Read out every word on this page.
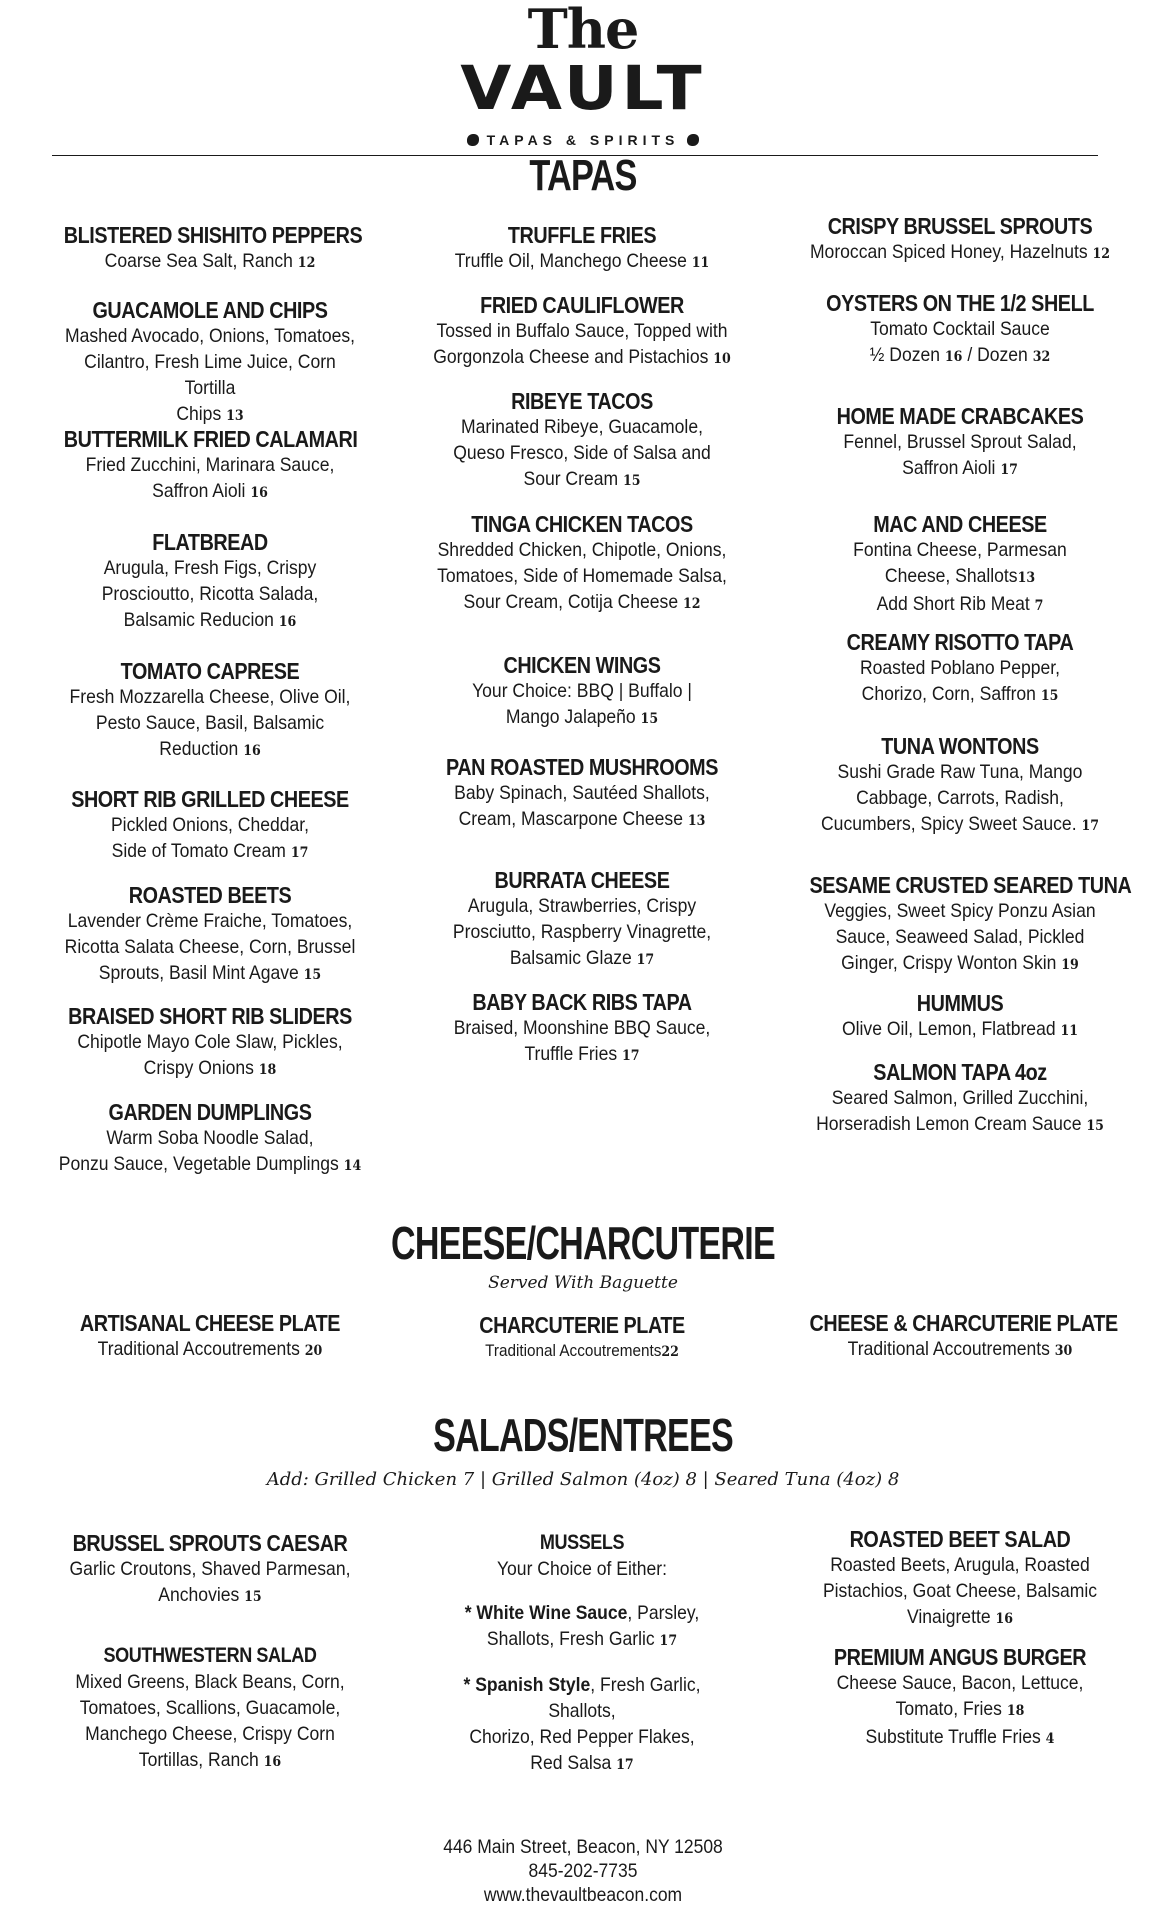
The
VAULT
TAPAS & SPIRITS
TAPAS
BLISTERED SHISHITO PEPPERS
Coarse Sea Salt, Ranch 12
GUACAMOLE AND CHIPS
Mashed Avocado, Onions, Tomatoes,
Cilantro, Fresh Lime Juice, Corn Tortilla
Chips 13
BUTTERMILK FRIED CALAMARI
Fried Zucchini, Marinara Sauce,
Saffron Aioli 16
FLATBREAD
Arugula, Fresh Figs, Crispy
Proscioutto, Ricotta Salada,
Balsamic Reducion 16
TOMATO CAPRESE
Fresh Mozzarella Cheese, Olive Oil,
Pesto Sauce, Basil, Balsamic
Reduction 16
SHORT RIB GRILLED CHEESE
Pickled Onions, Cheddar,
Side of Tomato Cream 17
ROASTED BEETS
Lavender Crème Fraiche, Tomatoes,
Ricotta Salata Cheese, Corn, Brussel
Sprouts, Basil Mint Agave 15
BRAISED SHORT RIB SLIDERS
Chipotle Mayo Cole Slaw, Pickles,
Crispy Onions 18
GARDEN DUMPLINGS
Warm Soba Noodle Salad,
Ponzu Sauce, Vegetable Dumplings 14
TRUFFLE FRIES
Truffle Oil, Manchego Cheese 11
FRIED CAULIFLOWER
Tossed in Buffalo Sauce, Topped with
Gorgonzola Cheese and Pistachios 10
RIBEYE TACOS
Marinated Ribeye, Guacamole,
Queso Fresco, Side of Salsa and
Sour Cream 15
TINGA CHICKEN TACOS
Shredded Chicken, Chipotle, Onions,
Tomatoes, Side of Homemade Salsa,
Sour Cream, Cotija Cheese 12
CHICKEN WINGS
Your Choice: BBQ | Buffalo |
Mango Jalapeño 15
PAN ROASTED MUSHROOMS
Baby Spinach, Sautéed Shallots,
Cream, Mascarpone Cheese 13
BURRATA CHEESE
Arugula, Strawberries, Crispy
Prosciutto, Raspberry Vinagrette,
Balsamic Glaze 17
BABY BACK RIBS TAPA
Braised, Moonshine BBQ Sauce,
Truffle Fries 17
CRISPY BRUSSEL SPROUTS
Moroccan Spiced Honey, Hazelnuts 12
OYSTERS ON THE 1/2 SHELL
Tomato Cocktail Sauce
½ Dozen 16 / Dozen 32
HOME MADE CRABCAKES
Fennel, Brussel Sprout Salad,
Saffron Aioli 17
MAC AND CHEESE
Fontina Cheese, Parmesan
Cheese, Shallots13
Add Short Rib Meat 7
CREAMY RISOTTO TAPA
Roasted Poblano Pepper,
Chorizo, Corn, Saffron 15
TUNA WONTONS
Sushi Grade Raw Tuna, Mango
Cabbage, Carrots, Radish,
Cucumbers, Spicy Sweet Sauce. 17
SESAME CRUSTED SEARED TUNA
Veggies, Sweet Spicy Ponzu Asian
Sauce, Seaweed Salad, Pickled
Ginger, Crispy Wonton Skin 19
HUMMUS
Olive Oil, Lemon, Flatbread 11
SALMON TAPA 4oz
Seared Salmon, Grilled Zucchini,
Horseradish Lemon Cream Sauce 15
CHEESE/CHARCUTERIE
Served With Baguette
ARTISANAL CHEESE PLATE
Traditional Accoutrements 20
CHARCUTERIE PLATE
Traditional Accoutrements22
CHEESE & CHARCUTERIE PLATE
Traditional Accoutrements 30
SALADS/ENTREES
Add: Grilled Chicken 7 | Grilled Salmon (4oz) 8 | Seared Tuna (4oz) 8
BRUSSEL SPROUTS CAESAR
Garlic Croutons, Shaved Parmesan,
Anchovies 15
SOUTHWESTERN SALAD
Mixed Greens, Black Beans, Corn,
Tomatoes, Scallions, Guacamole,
Manchego Cheese, Crispy Corn
Tortillas, Ranch 16
MUSSELS
Your Choice of Either:
* White Wine Sauce, Parsley,
Shallots, Fresh Garlic 17
* Spanish Style, Fresh Garlic, Shallots,
Chorizo, Red Pepper Flakes,
Red Salsa 17
ROASTED BEET SALAD
Roasted Beets, Arugula, Roasted
Pistachios, Goat Cheese, Balsamic
Vinaigrette 16
PREMIUM ANGUS BURGER
Cheese Sauce, Bacon, Lettuce,
Tomato, Fries 18
Substitute Truffle Fries 4
446 Main Street, Beacon, NY 12508
845-202-7735
www.thevaultbeacon.com
